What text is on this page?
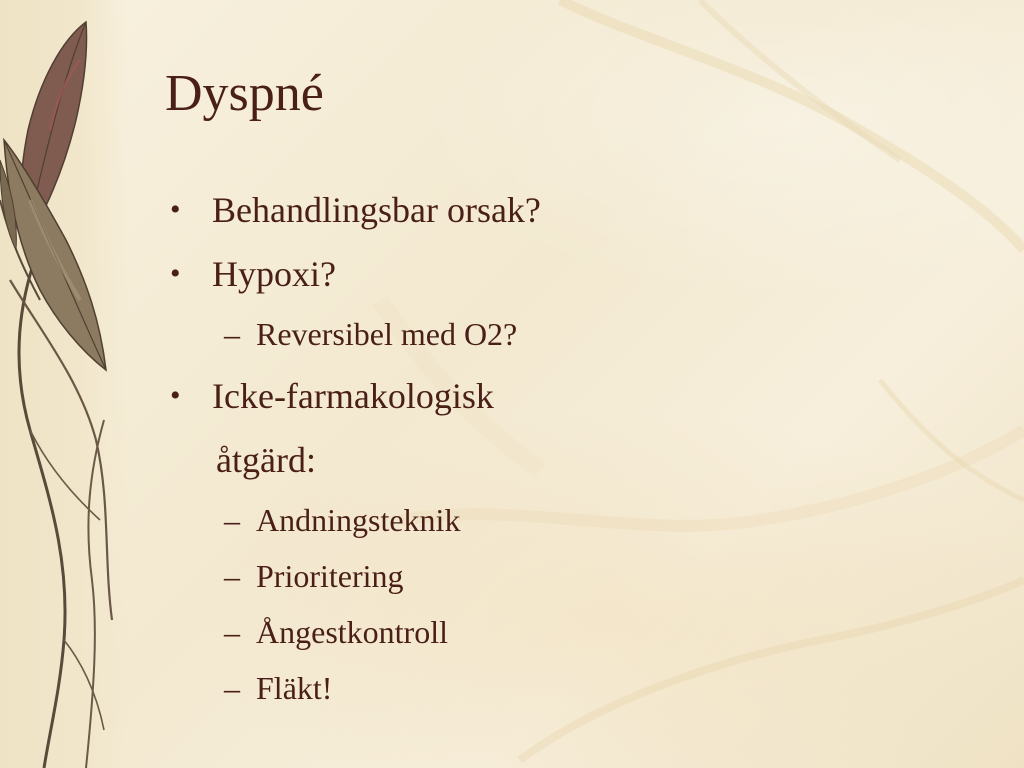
Dyspné
• Behandlingsbar orsak?
• Hypoxi?
– Reversibel med O2?
• Icke-farmakologisk
åtgärd:
– Andningsteknik
– Prioritering
– Ångestkontroll
– Fläkt!
